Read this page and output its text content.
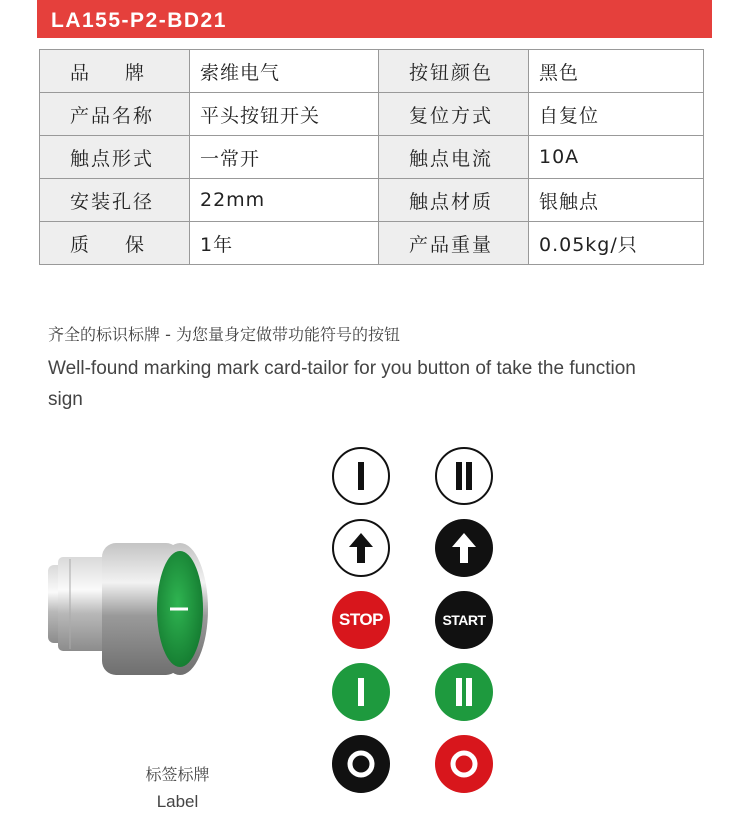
LA155-P2-BD21
品牌	索维电气	按钮颜色	黑色

产品名称	平头按钮开关	复位方式	自复位

触点形式	一常开	触点电流	10A

安装孔径	22mm	触点材质	银触点

质保	1年	产品重量	0.05kg/只
齐全的标识标牌 - 为您量身定做带功能符号的按钮
Well-found marking mark card-tailor for you button of take the function sign
标签标牌
Label
STOP	START
